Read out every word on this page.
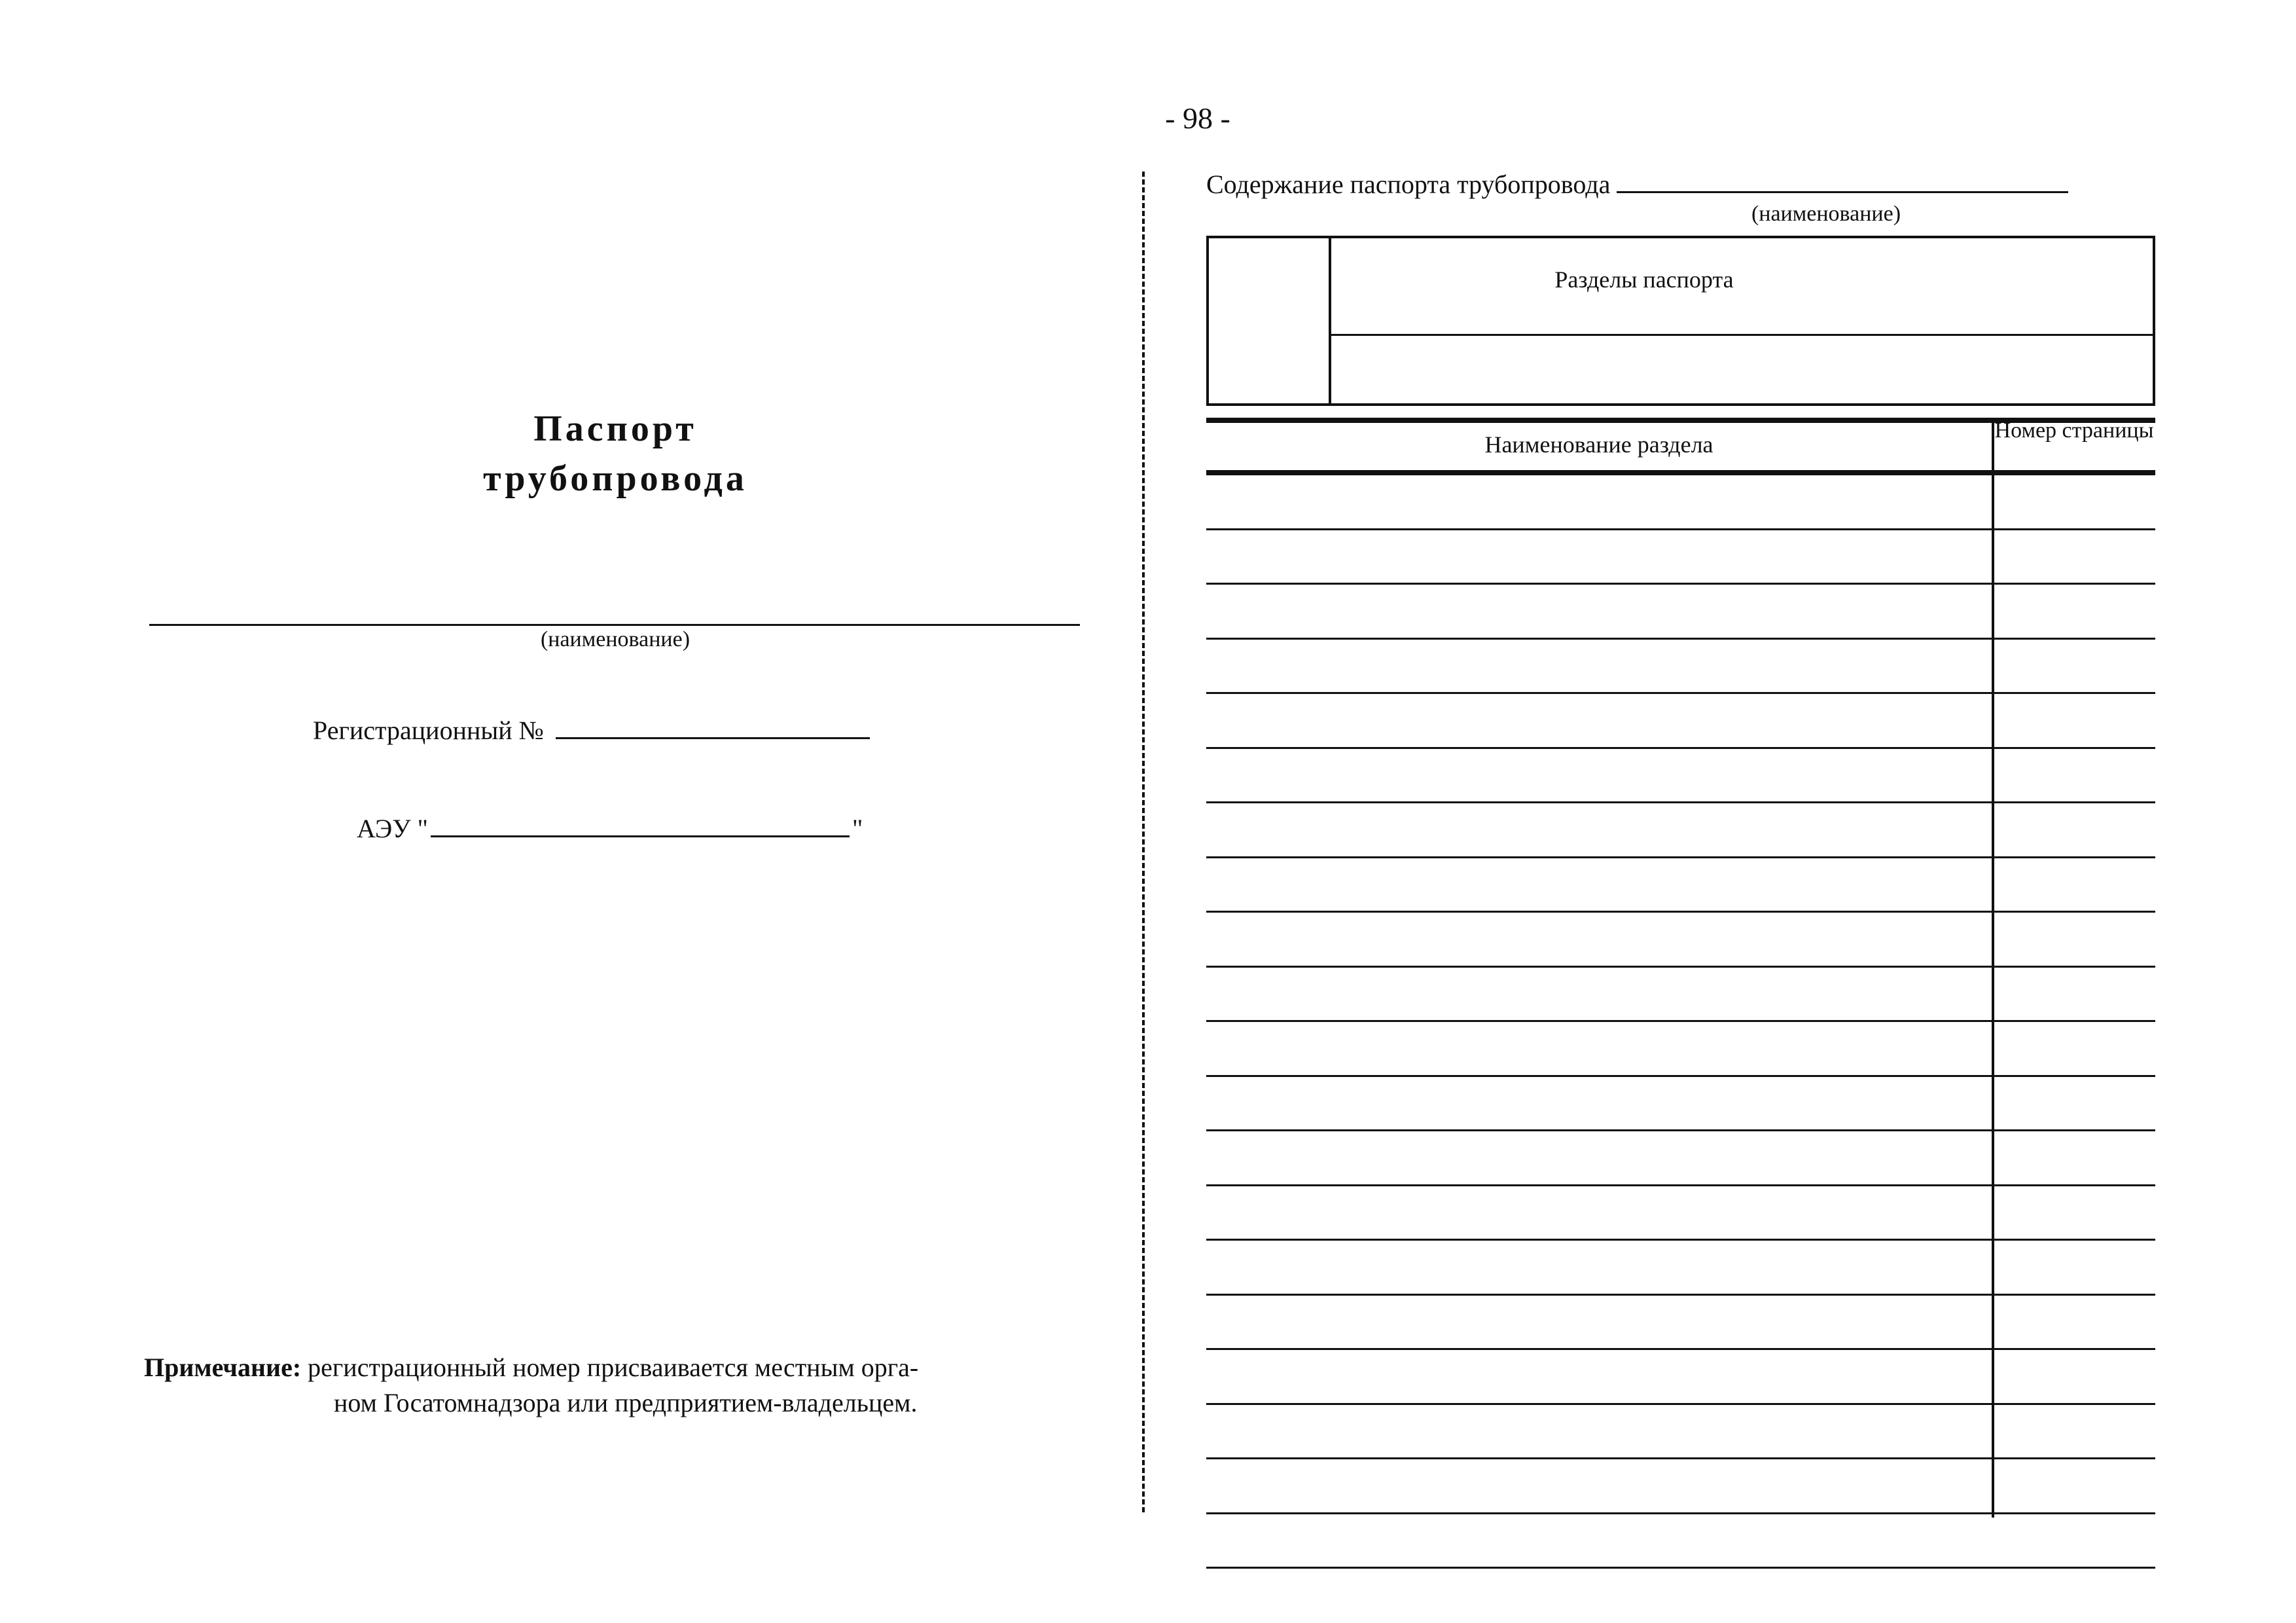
- 98 -
Паспорт
трубопровода
(наименование)
Регистрационный №
АЭУ "	"
Примечание: регистрационный номер присваивается местным орга-
ном Госатомнадзора или предприятием-владельцем.
Содержание паспорта трубопровода
(наименование)
Разделы паспорта
Наименование раздела
Номер страницы
